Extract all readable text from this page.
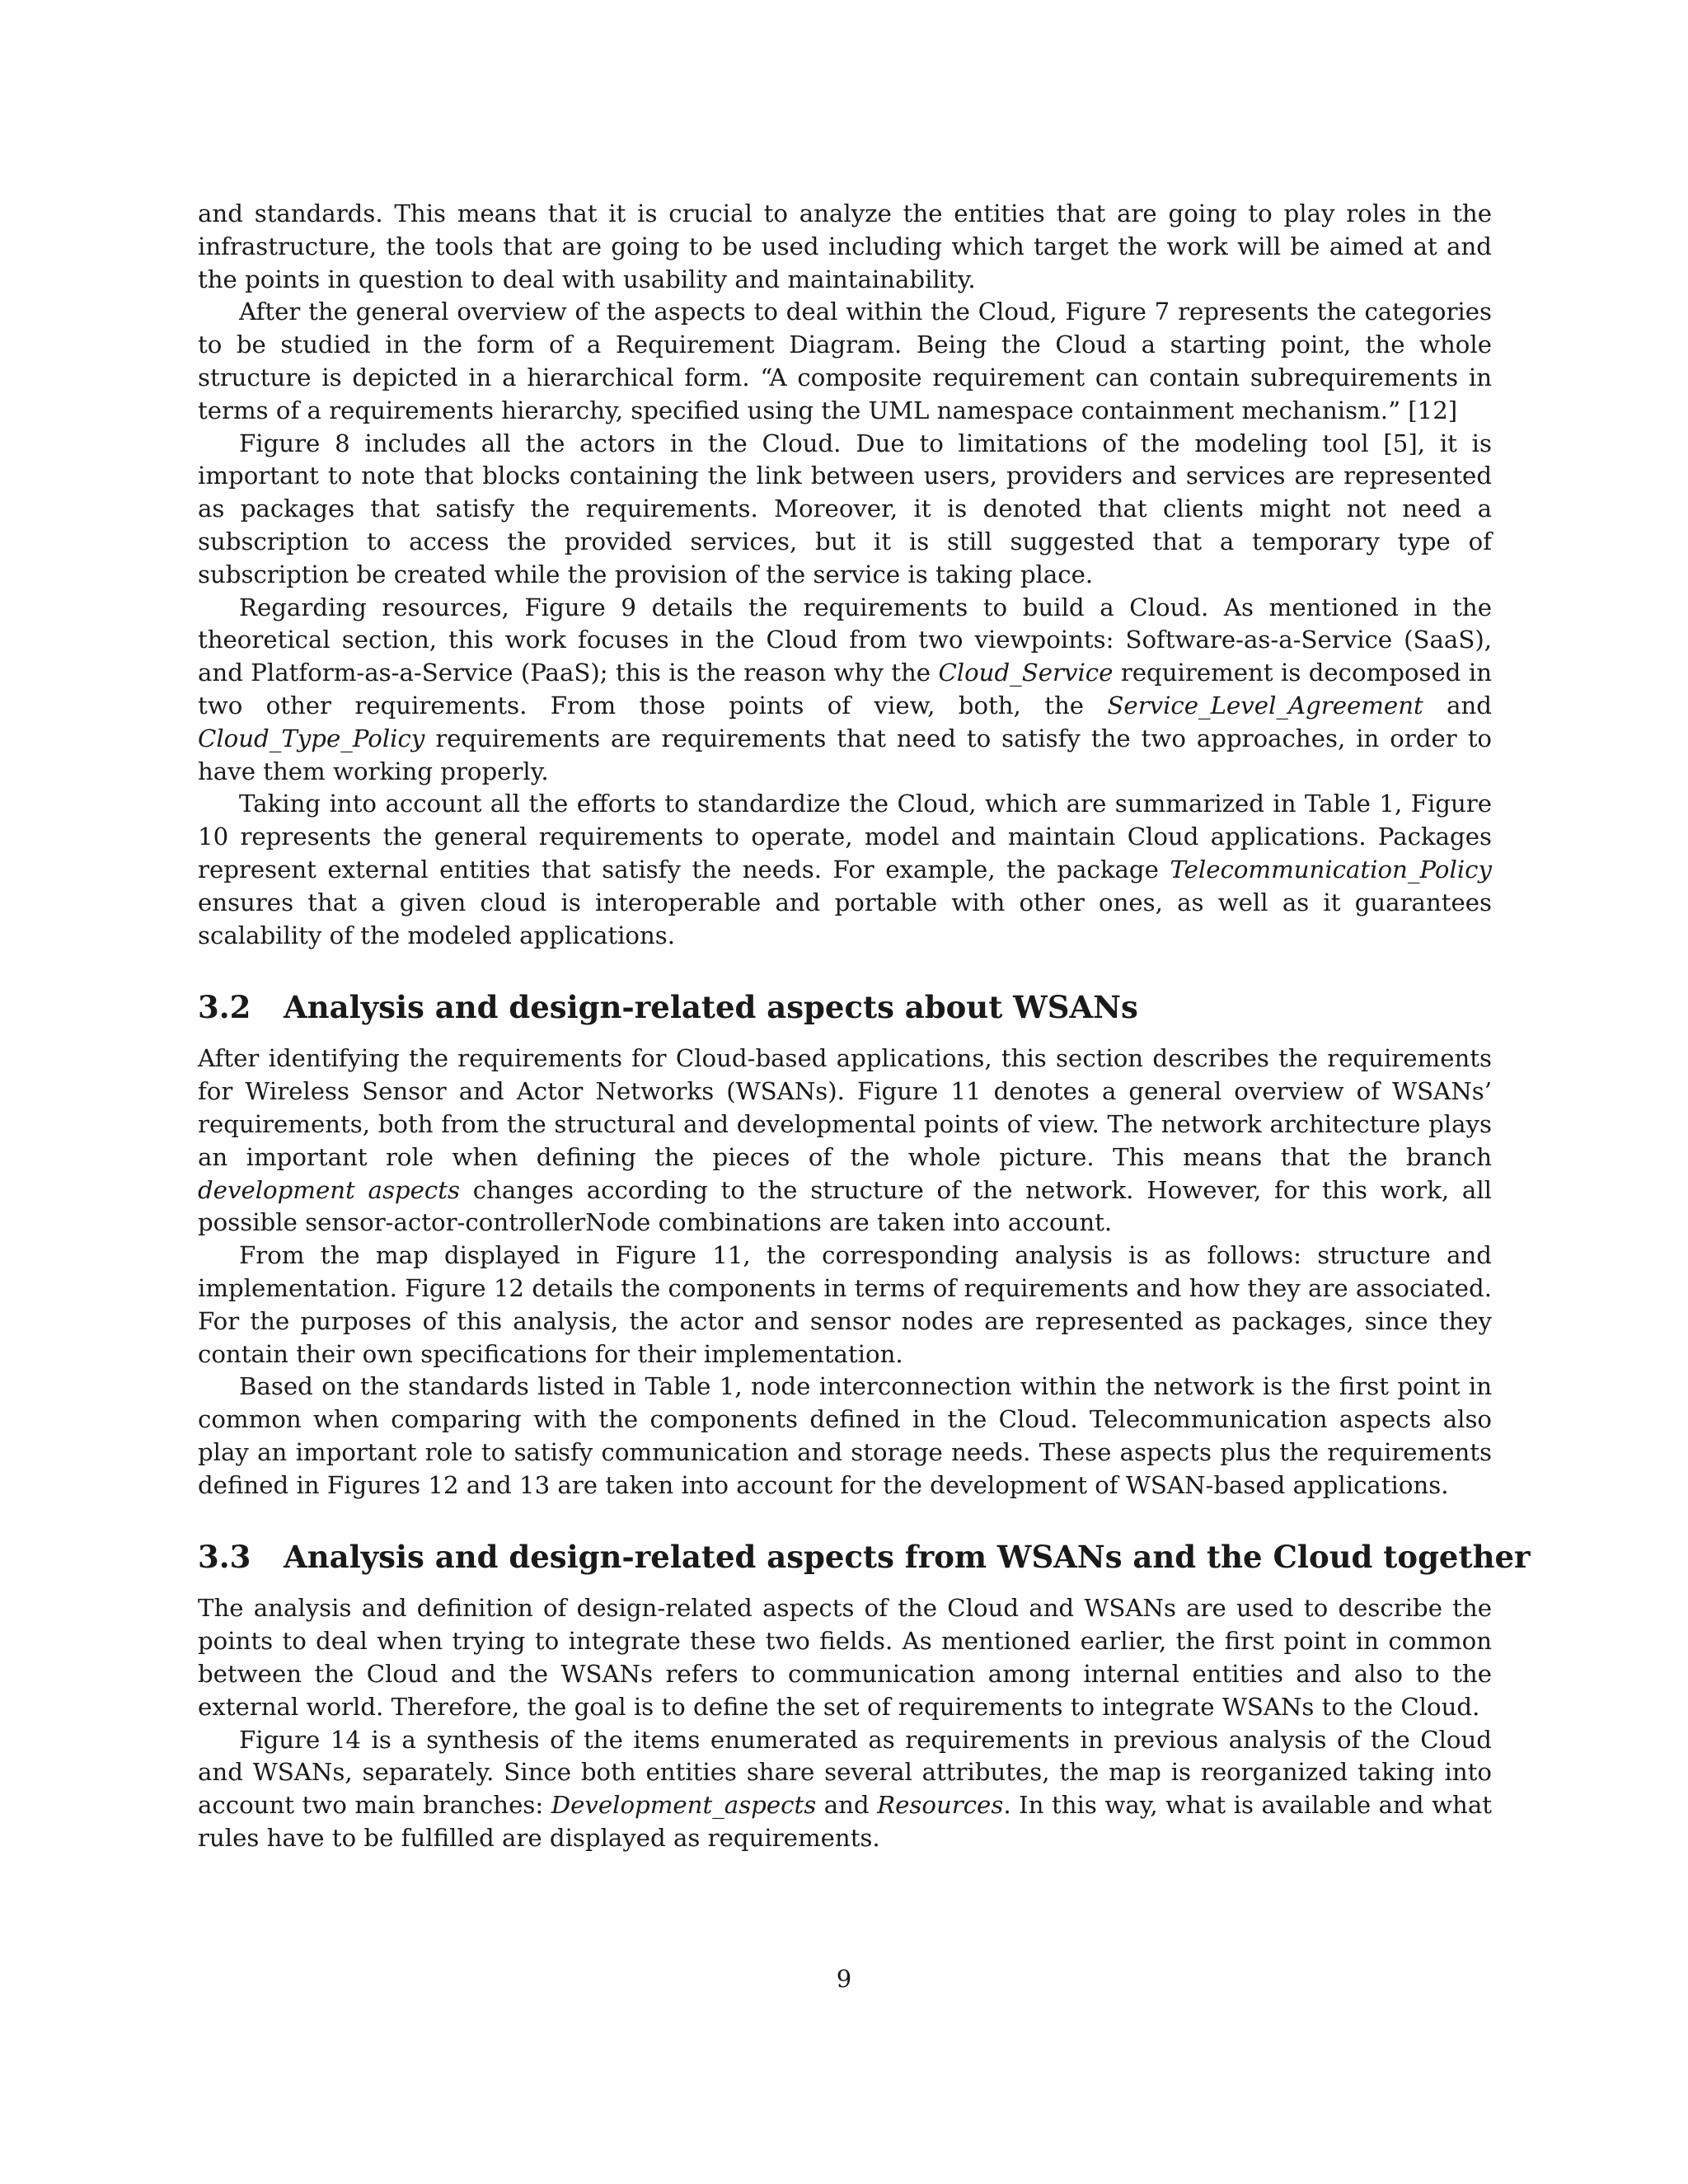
and standards. This means that it is crucial to analyze the entities that are going to play roles in the infrastructure, the tools that are going to be used including which target the work will be aimed at and the points in question to deal with usability and maintainability.

After the general overview of the aspects to deal within the Cloud, Figure 7 represents the categories to be studied in the form of a Requirement Diagram. Being the Cloud a starting point, the whole structure is depicted in a hierarchical form. “A composite requirement can contain subrequirements in terms of a requirements hierarchy, specified using the UML namespace containment mechanism.” [12]

Figure 8 includes all the actors in the Cloud. Due to limitations of the modeling tool [5], it is important to note that blocks containing the link between users, providers and services are represented as packages that satisfy the requirements. Moreover, it is denoted that clients might not need a subscription to access the provided services, but it is still suggested that a temporary type of subscription be created while the provision of the service is taking place.

Regarding resources, Figure 9 details the requirements to build a Cloud. As mentioned in the theoretical section, this work focuses in the Cloud from two viewpoints: Software-as-a-Service (SaaS), and Platform-as-a-Service (PaaS); this is the reason why the Cloud_Service requirement is decomposed in two other requirements. From those points of view, both, the Service_Level_Agreement and Cloud_Type_Policy requirements are requirements that need to satisfy the two approaches, in order to have them working properly.

Taking into account all the efforts to standardize the Cloud, which are summarized in Table 1, Figure 10 represents the general requirements to operate, model and maintain Cloud applications. Packages represent external entities that satisfy the needs. For example, the package Telecommunication_Policy ensures that a given cloud is interoperable and portable with other ones, as well as it guarantees scalability of the modeled applications.

3.2 Analysis and design-related aspects about WSANs

After identifying the requirements for Cloud-based applications, this section describes the requirements for Wireless Sensor and Actor Networks (WSANs). Figure 11 denotes a general overview of WSANs’ requirements, both from the structural and developmental points of view. The network architecture plays an important role when defining the pieces of the whole picture. This means that the branch development aspects changes according to the structure of the network. However, for this work, all possible sensor-actor-controllerNode combinations are taken into account.

From the map displayed in Figure 11, the corresponding analysis is as follows: structure and implementation. Figure 12 details the components in terms of requirements and how they are associated. For the purposes of this analysis, the actor and sensor nodes are represented as packages, since they contain their own specifications for their implementation.

Based on the standards listed in Table 1, node interconnection within the network is the first point in common when comparing with the components defined in the Cloud. Telecommunication aspects also play an important role to satisfy communication and storage needs. These aspects plus the requirements defined in Figures 12 and 13 are taken into account for the development of WSAN-based applications.

3.3 Analysis and design-related aspects from WSANs and the Cloud together

The analysis and definition of design-related aspects of the Cloud and WSANs are used to describe the points to deal when trying to integrate these two fields. As mentioned earlier, the first point in common between the Cloud and the WSANs refers to communication among internal entities and also to the external world. Therefore, the goal is to define the set of requirements to integrate WSANs to the Cloud.

Figure 14 is a synthesis of the items enumerated as requirements in previous analysis of the Cloud and WSANs, separately. Since both entities share several attributes, the map is reorganized taking into account two main branches: Development_aspects and Resources. In this way, what is available and what rules have to be fulfilled are displayed as requirements.

9
